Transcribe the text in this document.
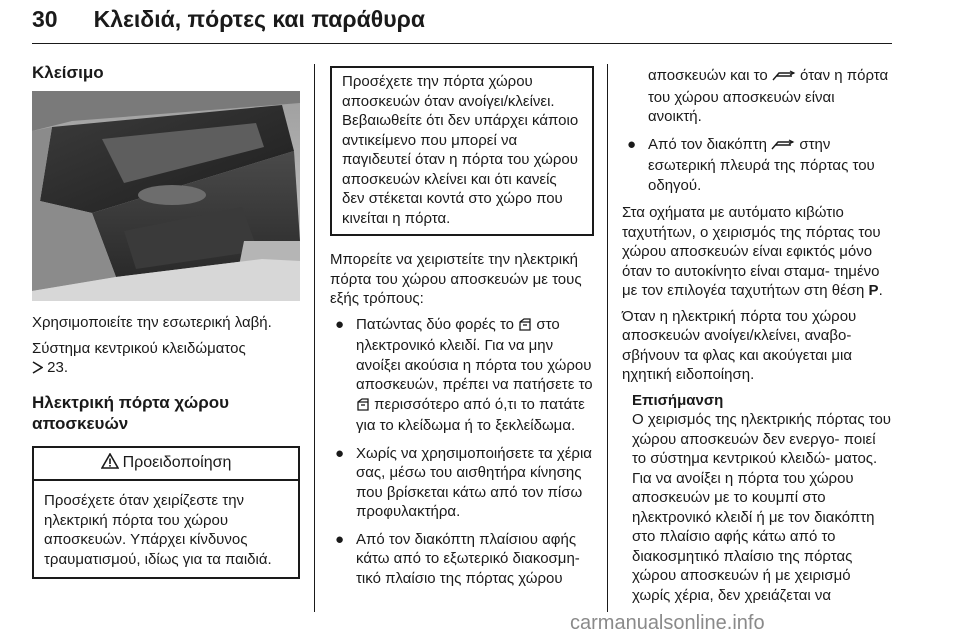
30 Κλειδιά, πόρτες και παράθυρα

Κλείσιμο

Χρησιμοποιείτε την εσωτερική λαβή.

Σύστημα κεντρικού κλειδώματος
23.

Ηλεκτρική πόρτα χώρου αποσκευών

Προειδοποίηση
Προσέχετε όταν χειρίζεστε την ηλεκτρική πόρτα του χώρου αποσκευών. Υπάρχει κίνδυνος τραυματισμού, ιδίως για τα παιδιά.
Προσέχετε την πόρτα χώρου αποσκευών όταν ανοίγει/κλείνει. Βεβαιωθείτε ότι δεν υπάρχει κάποιο αντικείμενο που μπορεί να παγιδευτεί όταν η πόρτα του χώρου αποσκευών κλείνει και ότι κανείς δεν στέκεται κοντά στο χώρο που κινείται η πόρτα.

Μπορείτε να χειριστείτε την ηλεκτρική πόρτα του χώρου αποσκευών με τους εξής τρόπους:

● Πατώντας δύο φορές το  στο ηλεκτρονικό κλειδί. Για να μην ανοίξει ακούσια η πόρτα του χώρου αποσκευών, πρέπει να πατήσετε το  περισσότερο από ό,τι το πατάτε για το κλείδωμα ή το ξεκλείδωμα.
● Χωρίς να χρησιμοποιήσετε τα χέρια σας, μέσω του αισθητήρα κίνησης που βρίσκεται κάτω από τον πίσω προφυλακτήρα.
● Από τον διακόπτη πλαίσιου αφής κάτω από το εξωτερικό διακοσμη- τικό πλαίσιο της πόρτας χώρου
αποσκευών και το  όταν η πόρτα του χώρου αποσκευών είναι ανοικτή.
● Από τον διακόπτη  στην εσωτερική πλευρά της πόρτας του οδηγού.

Στα οχήματα με αυτόματο κιβώτιο ταχυτήτων, ο χειρισμός της πόρτας του χώρου αποσκευών είναι εφικτός μόνο όταν το αυτοκίνητο είναι σταμα- τημένο με τον επιλογέα ταχυτήτων στη θέση P.

Όταν η ηλεκτρική πόρτα του χώρου αποσκευών ανοίγει/κλείνει, αναβο- σβήνουν τα φλας και ακούγεται μια ηχητική ειδοποίηση.

Επισήμανση
Ο χειρισμός της ηλεκτρικής πόρτας του χώρου αποσκευών δεν ενεργο- ποιεί το σύστημα κεντρικού κλειδώ- ματος. Για να ανοίξει η πόρτα του χώρου αποσκευών με το κουμπί στο ηλεκτρονικό κλειδί ή με τον διακόπτη στο πλαίσιο αφής κάτω από το διακοσμητικό πλαίσιο της πόρτας χώρου αποσκευών ή με χειρισμό χωρίς χέρια, δεν χρειάζεται να
carmanualsonline.info
